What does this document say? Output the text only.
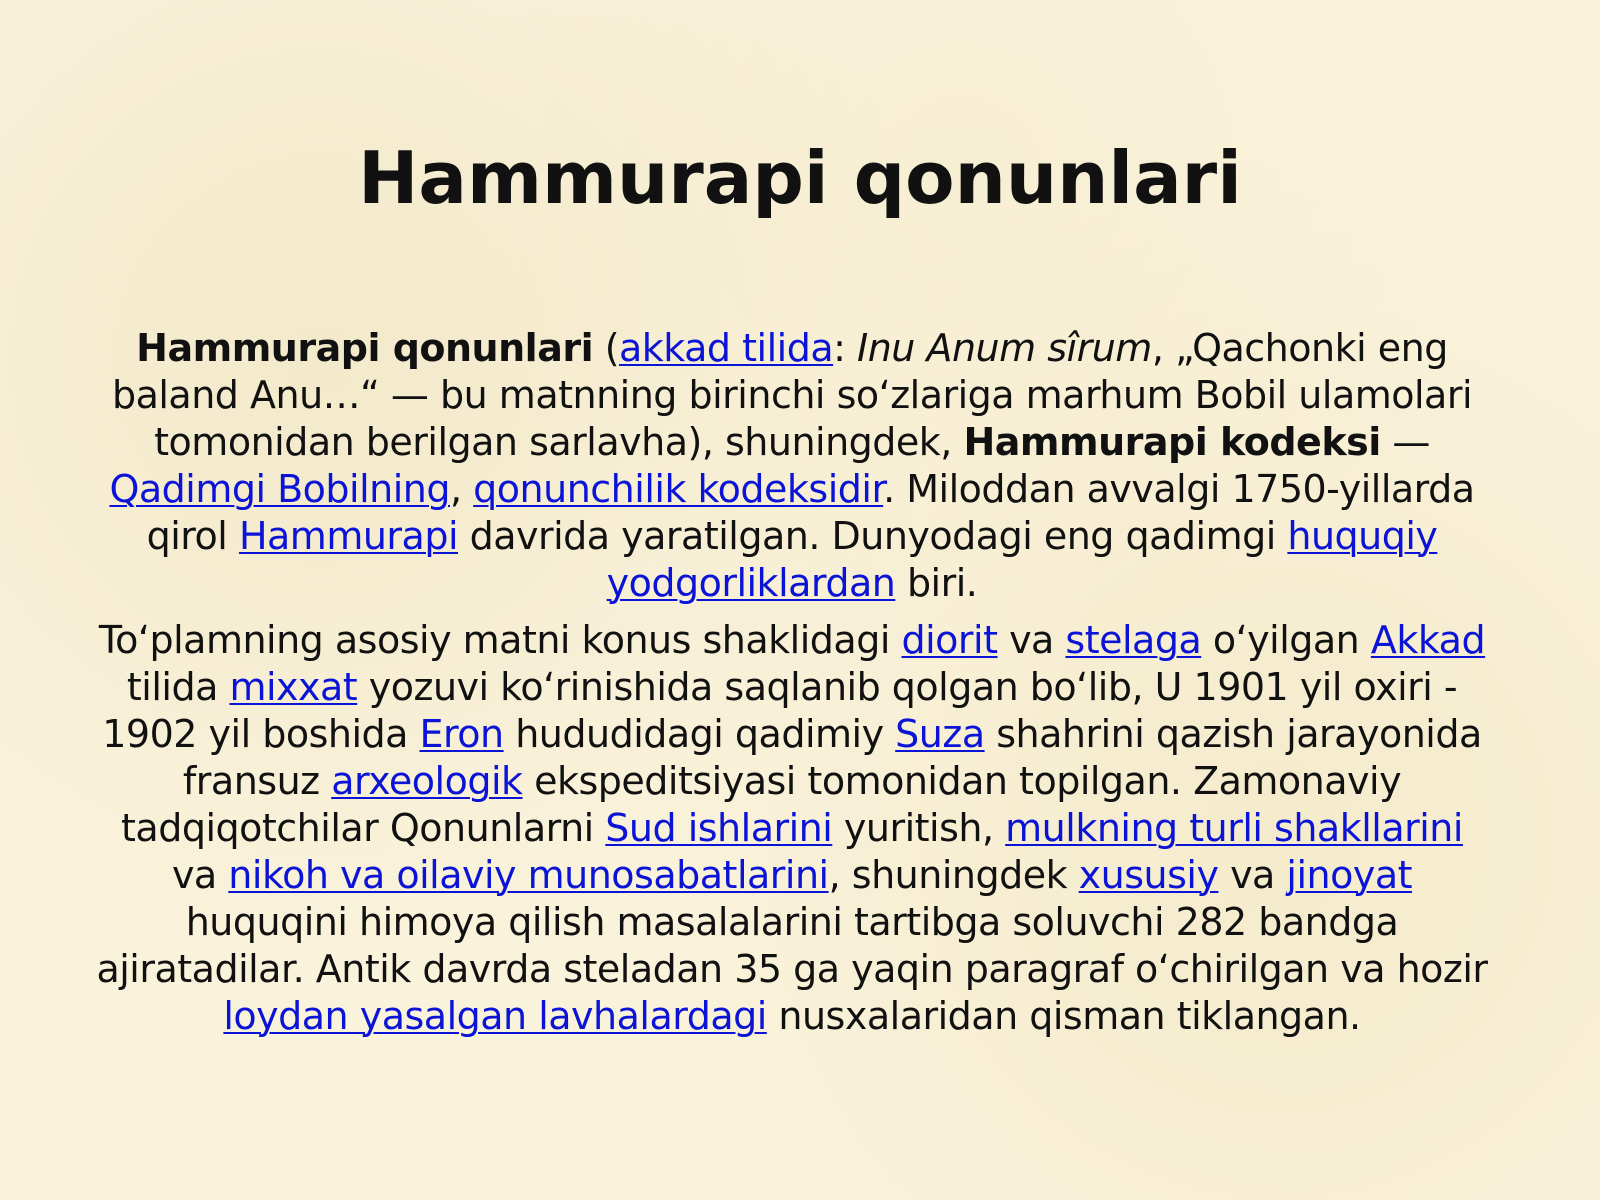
Hammurapi qonunlari

Hammurapi qonunlari (akkad tilida: Inu Anum sîrum, „Qachonki eng baland Anu…“ — bu matnning birinchi soʻzlariga marhum Bobil ulamolari tomonidan berilgan sarlavha), shuningdek, Hammurapi kodeksi — Qadimgi Bobilning, qonunchilik kodeksidir. Miloddan avvalgi 1750-yillarda qirol Hammurapi davrida yaratilgan. Dunyodagi eng qadimgi huquqiy yodgorliklardan biri.

Toʻplamning asosiy matni konus shaklidagi diorit va stelaga oʻyilgan Akkad tilida mixxat yozuvi koʻrinishida saqlanib qolgan boʻlib, U 1901 yil oxiri - 1902 yil boshida Eron hududidagi qadimiy Suza shahrini qazish jarayonida fransuz arxeologik ekspeditsiyasi tomonidan topilgan. Zamonaviy tadqiqotchilar Qonunlarni Sud ishlarini yuritish, mulkning turli shakllarini va nikoh va oilaviy munosabatlarini, shuningdek xususiy va jinoyat huquqini himoya qilish masalalarini tartibga soluvchi 282 bandga ajiratadilar. Antik davrda steladan 35 ga yaqin paragraf oʻchirilgan va hozir loydan yasalgan lavhalardagi nusxalaridan qisman tiklangan.
